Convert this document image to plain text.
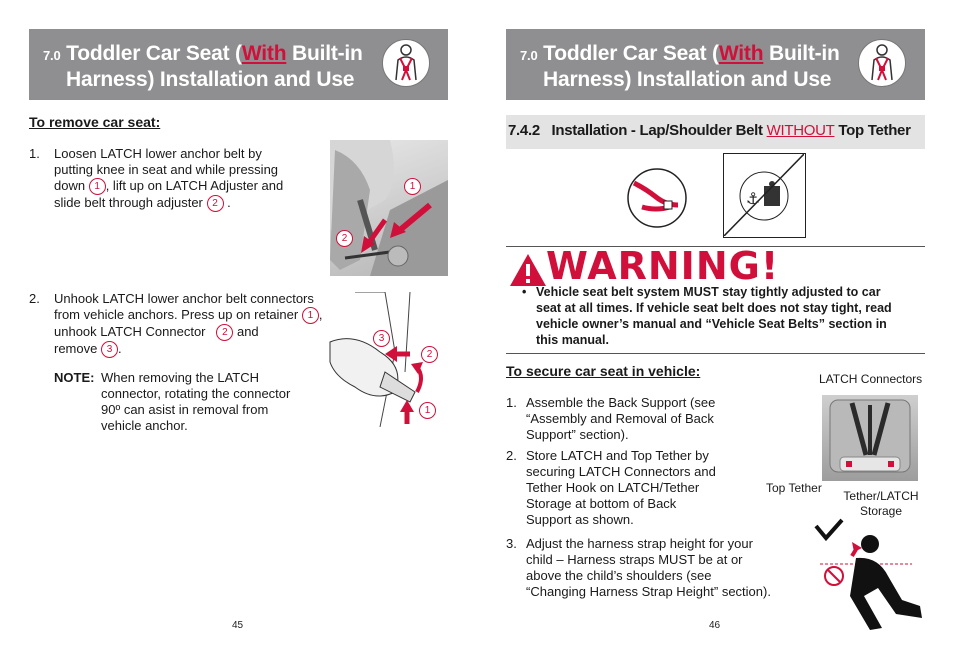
7.0 Toddler Car Seat (With Built-in
Harness) Installation and Use
To remove car seat:
1. Loosen LATCH lower anchor belt by
putting knee in seat and while pressing
down 1 , lift up on LATCH Adjuster and
slide belt through adjuster 2 .
1
2
2. Unhook LATCH lower anchor belt connectors
from vehicle anchors. Press up on retainer 1 ,
unhook LATCH Connector 2 and
remove 3 .
NOTE: When removing the LATCH
connector, rotating the connector
90º can asist in removal from
vehicle anchor.
3
2
1
45
7.0 Toddler Car Seat (With Built-in
Harness) Installation and Use
7.4.2 Installation - Lap/Shoulder Belt WITHOUT Top Tether
⚓
WARNING!
• Vehicle seat belt system MUST stay tightly adjusted to car
seat at all times. If vehicle seat belt does not stay tight, read
vehicle owner’s manual and “Vehicle Seat Belts” section in
this manual.
To secure car seat in vehicle:
1. Assemble the Back Support (see
“Assembly and Removal of Back
Support” section).
2. Store LATCH and Top Tether by
securing LATCH Connectors and
Tether Hook on LATCH/Tether
Storage at bottom of Back
Support as shown.
3. Adjust the harness strap height for your
child – Harness straps MUST be at or
above the child’s shoulders (see
“Changing Harness Strap Height” section).
LATCH Connectors
Top Tether
Tether/LATCH
Storage
46
